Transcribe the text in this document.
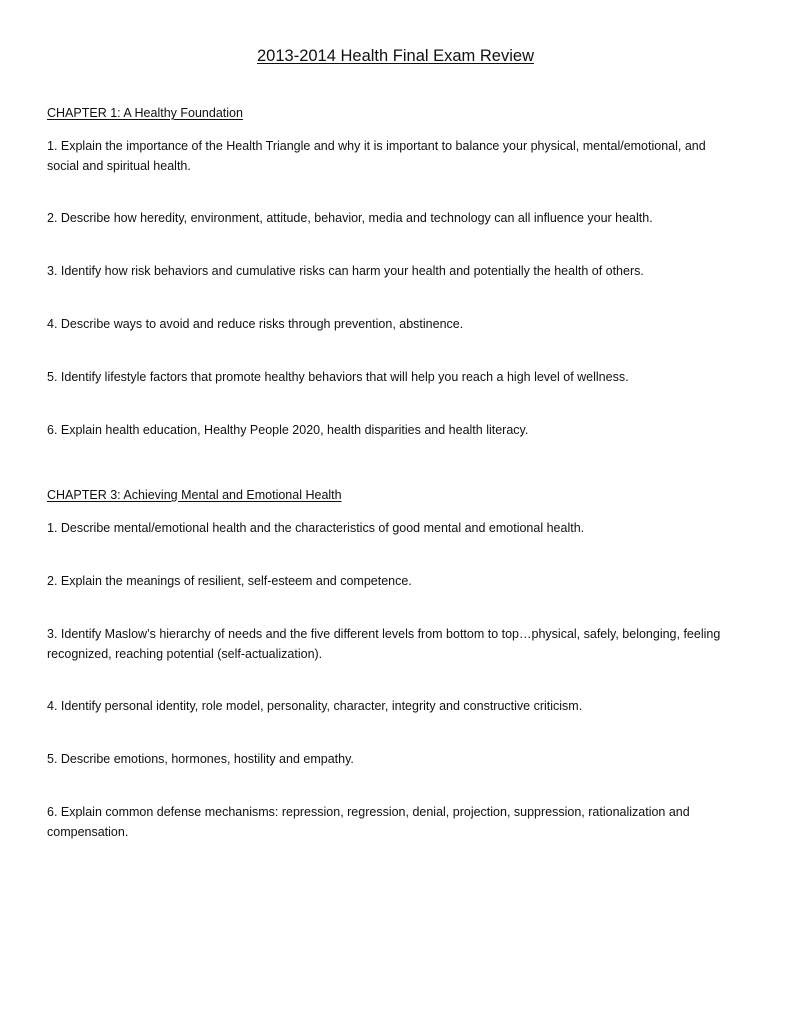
2013-2014 Health Final Exam Review
CHAPTER 1: A Healthy Foundation
1. Explain the importance of the Health Triangle and why it is important to balance your physical, mental/emotional, and social and spiritual health.
2. Describe how heredity, environment, attitude, behavior, media and technology can all influence your health.
3. Identify how risk behaviors and cumulative risks can harm your health and potentially the health of others.
4. Describe ways to avoid and reduce risks through prevention, abstinence.
5. Identify lifestyle factors that promote healthy behaviors that will help you reach a high level of wellness.
6. Explain health education, Healthy People 2020, health disparities and health literacy.
CHAPTER 3: Achieving Mental and Emotional Health
1. Describe mental/emotional health and the characteristics of good mental and emotional health.
2. Explain the meanings of resilient, self-esteem and competence.
3. Identify Maslow’s hierarchy of needs and the five different levels from bottom to top…physical, safely, belonging, feeling recognized, reaching potential (self-actualization).
4. Identify personal identity, role model, personality, character, integrity and constructive criticism.
5. Describe emotions, hormones, hostility and empathy.
6. Explain common defense mechanisms: repression, regression, denial, projection, suppression, rationalization and compensation.
